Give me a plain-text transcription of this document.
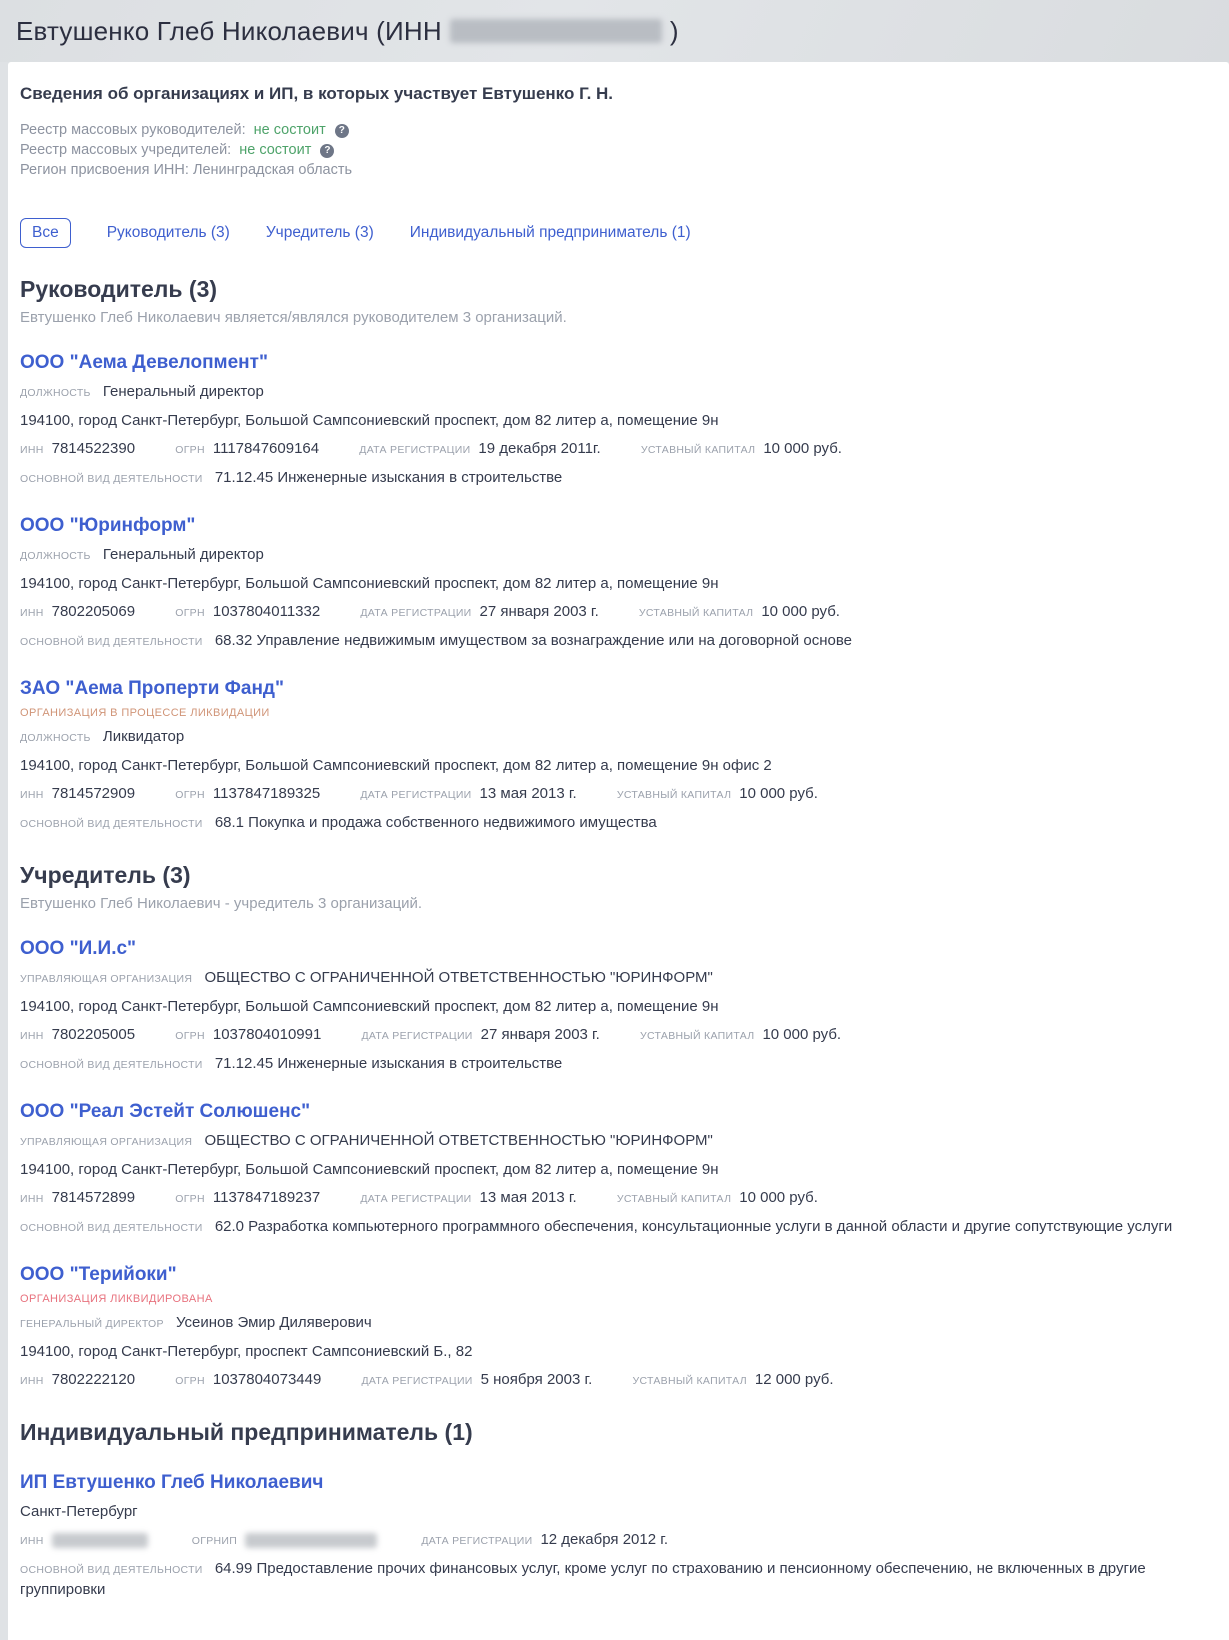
Евтушенко Глеб Николаевич (ИНН	)
Сведения об организациях и ИП, в которых участвует Евтушенко Г. Н.
Реестр массовых руководителей: не состоит ?
Реестр массовых учредителей: не состоит ?
Регион присвоения ИНН: Ленинградская область
Все	Руководитель (3) Учредитель (3) Индивидуальный предприниматель (1)
Руководитель (3)
Евтушенко Глеб Николаевич является/являлся руководителем 3 организаций.
ООО "Аема Девелопмент"
ДОЛЖНОСТЬ Генеральный директор
194100, город Санкт-Петербург, Большой Сампсониевский проспект, дом 82 литер а, помещение 9н
ИНН 7814522390	ОГРН 1117847609164	ДАТА РЕГИСТРАЦИИ 19 декабря 2011г.	УСТАВНЫЙ КАПИТАЛ 10 000 руб.
ОСНОВНОЙ ВИД ДЕЯТЕЛЬНОСТИ 71.12.45 Инженерные изыскания в строительстве
ООО "Юринформ"
ДОЛЖНОСТЬ Генеральный директор
194100, город Санкт-Петербург, Большой Сампсониевский проспект, дом 82 литер а, помещение 9н
ИНН 7802205069	ОГРН 1037804011332	ДАТА РЕГИСТРАЦИИ 27 января 2003 г.	УСТАВНЫЙ КАПИТАЛ 10 000 руб.
ОСНОВНОЙ ВИД ДЕЯТЕЛЬНОСТИ 68.32 Управление недвижимым имуществом за вознаграждение или на договорной основе
ЗАО "Аема Проперти Фанд"
ОРГАНИЗАЦИЯ В ПРОЦЕССЕ ЛИКВИДАЦИИ
ДОЛЖНОСТЬ Ликвидатор
194100, город Санкт-Петербург, Большой Сампсониевский проспект, дом 82 литер а, помещение 9н офис 2
ИНН 7814572909	ОГРН 1137847189325	ДАТА РЕГИСТРАЦИИ 13 мая 2013 г.	УСТАВНЫЙ КАПИТАЛ 10 000 руб.
ОСНОВНОЙ ВИД ДЕЯТЕЛЬНОСТИ 68.1 Покупка и продажа собственного недвижимого имущества
Учредитель (3)
Евтушенко Глеб Николаевич - учредитель 3 организаций.
ООО "И.И.с"
УПРАВЛЯЮЩАЯ ОРГАНИЗАЦИЯ ОБЩЕСТВО С ОГРАНИЧЕННОЙ ОТВЕТСТВЕННОСТЬЮ "ЮРИНФОРМ"
194100, город Санкт-Петербург, Большой Сампсониевский проспект, дом 82 литер а, помещение 9н
ИНН 7802205005	ОГРН 1037804010991	ДАТА РЕГИСТРАЦИИ 27 января 2003 г.	УСТАВНЫЙ КАПИТАЛ 10 000 руб.
ОСНОВНОЙ ВИД ДЕЯТЕЛЬНОСТИ 71.12.45 Инженерные изыскания в строительстве
ООО "Реал Эстейт Солюшенс"
УПРАВЛЯЮЩАЯ ОРГАНИЗАЦИЯ ОБЩЕСТВО С ОГРАНИЧЕННОЙ ОТВЕТСТВЕННОСТЬЮ "ЮРИНФОРМ"
194100, город Санкт-Петербург, Большой Сампсониевский проспект, дом 82 литер а, помещение 9н
ИНН 7814572899	ОГРН 1137847189237	ДАТА РЕГИСТРАЦИИ 13 мая 2013 г.	УСТАВНЫЙ КАПИТАЛ 10 000 руб.
ОСНОВНОЙ ВИД ДЕЯТЕЛЬНОСТИ 62.0 Разработка компьютерного программного обеспечения, консультационные услуги в данной области и другие сопутствующие услуги
ООО "Терийоки"
ОРГАНИЗАЦИЯ ЛИКВИДИРОВАНА
ГЕНЕРАЛЬНЫЙ ДИРЕКТОР Усеинов Эмир Диляверович
194100, город Санкт-Петербург, проспект Сампсониевский Б., 82
ИНН 7802222120	ОГРН 1037804073449	ДАТА РЕГИСТРАЦИИ 5 ноября 2003 г.	УСТАВНЫЙ КАПИТАЛ 12 000 руб.
Индивидуальный предприниматель (1)
ИП Евтушенко Глеб Николаевич
Санкт-Петербург
ИНН	ОГРНИП	ДАТА РЕГИСТРАЦИИ 12 декабря 2012 г.
ОСНОВНОЙ ВИД ДЕЯТЕЛЬНОСТИ 64.99 Предоставление прочих финансовых услуг, кроме услуг по страхованию и пенсионному обеспечению, не включенных в другие группировки
